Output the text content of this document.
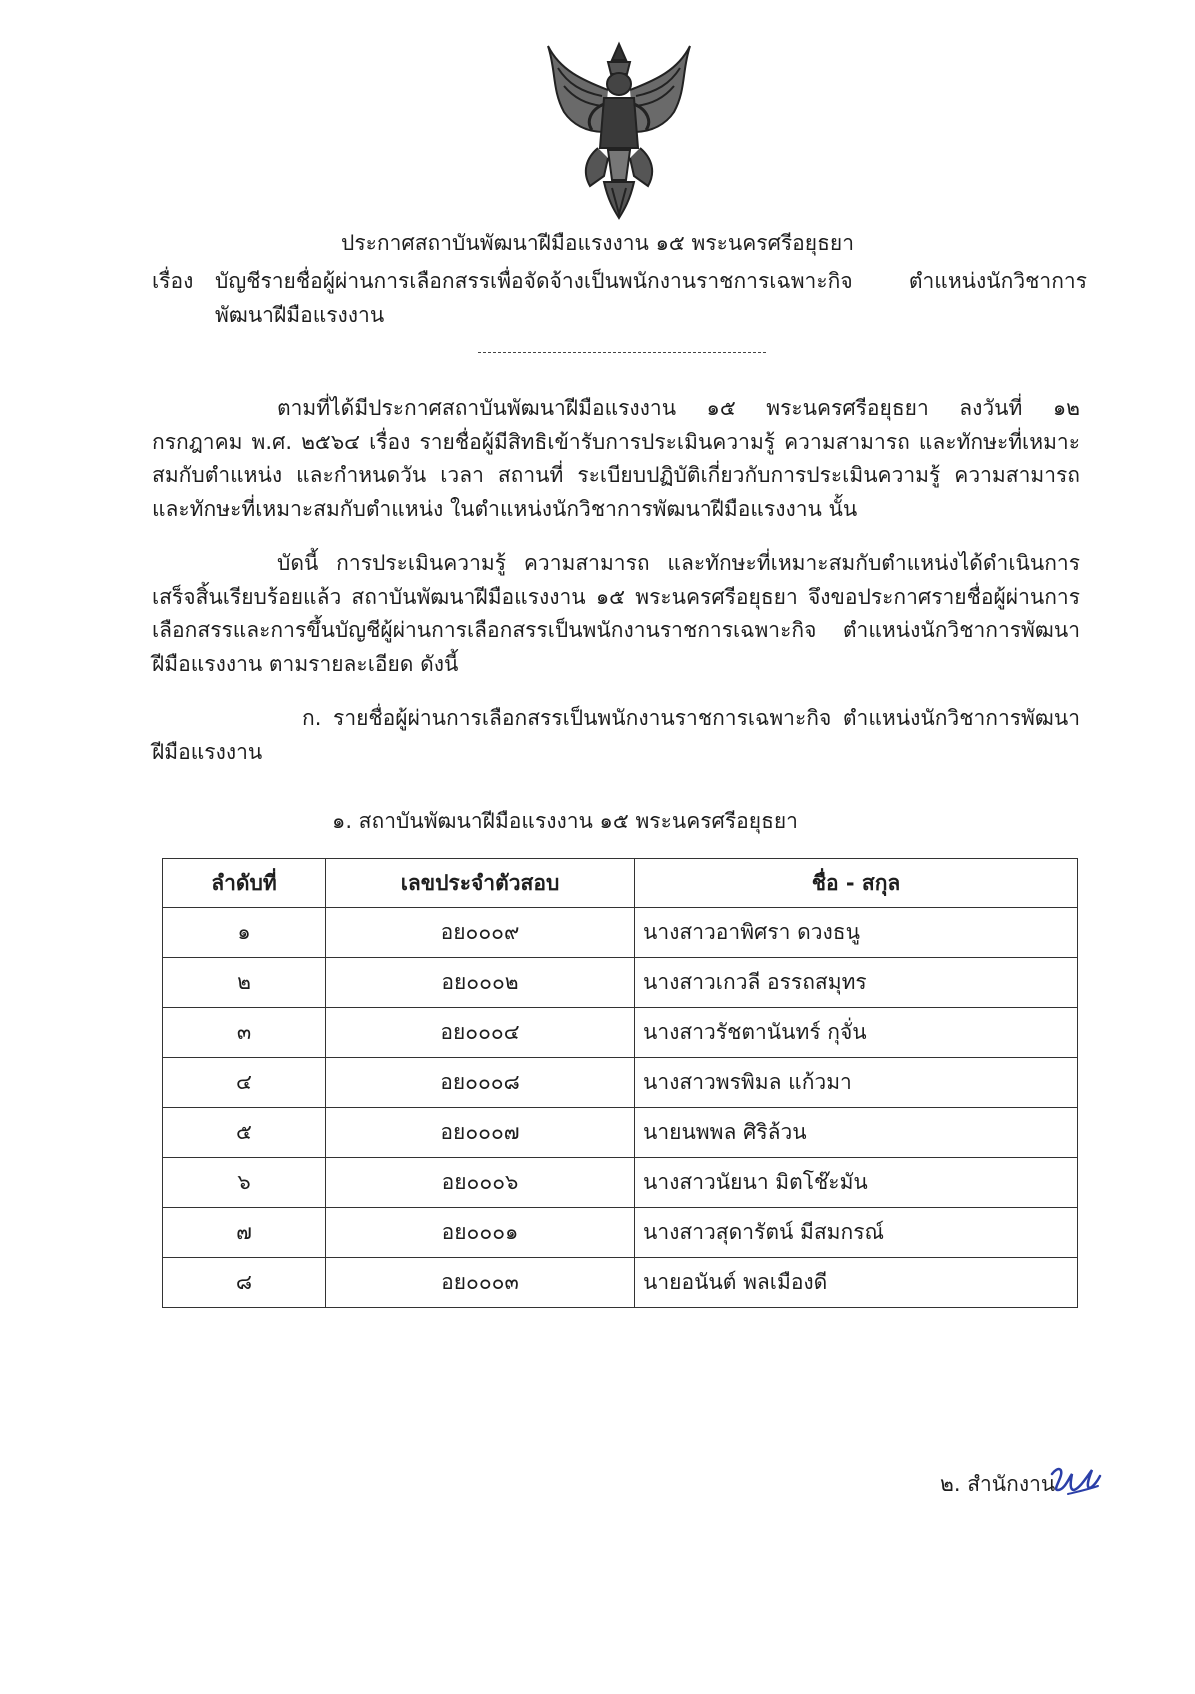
ประกาศสถาบันพัฒนาฝีมือแรงงาน ๑๕ พระนครศรีอยุธยา
เรื่อง บัญชีรายชื่อผู้ผ่านการเลือกสรรเพื่อจัดจ้างเป็นพนักงานราชการเฉพาะกิจ ตำแหน่งนักวิชาการพัฒนาฝีมือแรงงาน

ตามที่ได้มีประกาศสถาบันพัฒนาฝีมือแรงงาน ๑๕ พระนครศรีอยุธยา ลงวันที่ ๑๒ กรกฎาคม พ.ศ. ๒๕๖๔ เรื่อง รายชื่อผู้มีสิทธิเข้ารับการประเมินความรู้ ความสามารถ และทักษะที่เหมาะสมกับตำแหน่ง และกำหนดวัน เวลา สถานที่ ระเบียบปฏิบัติเกี่ยวกับการประเมินความรู้ ความสามารถ และทักษะที่เหมาะสมกับตำแหน่ง ในตำแหน่งนักวิชาการพัฒนาฝีมือแรงงาน นั้น

บัดนี้ การประเมินความรู้ ความสามารถ และทักษะที่เหมาะสมกับตำแหน่งได้ดำเนินการเสร็จสิ้นเรียบร้อยแล้ว สถาบันพัฒนาฝีมือแรงงาน ๑๕ พระนครศรีอยุธยา จึงขอประกาศรายชื่อผู้ผ่านการเลือกสรรและการขึ้นบัญชีผู้ผ่านการเลือกสรรเป็นพนักงานราชการเฉพาะกิจ ตำแหน่งนักวิชาการพัฒนาฝีมือแรงงาน ตามรายละเอียด ดังนี้

ก. รายชื่อผู้ผ่านการเลือกสรรเป็นพนักงานราชการเฉพาะกิจ ตำแหน่งนักวิชาการพัฒนาฝีมือแรงงาน

๑. สถาบันพัฒนาฝีมือแรงงาน ๑๕ พระนครศรีอยุธยา
ลำดับที่	เลขประจำตัวสอบ	ชื่อ - สกุล
๑	อย๐๐๐๙	นางสาวอาพิศรา ดวงธนู
๒	อย๐๐๐๒	นางสาวเกวลี อรรถสมุทร
๓	อย๐๐๐๔	นางสาวรัชตานันทร์ กุจั่น
๔	อย๐๐๐๘	นางสาวพรพิมล แก้วมา
๕	อย๐๐๐๗	นายนพพล ศิริล้วน
๖	อย๐๐๐๖	นางสาวนัยนา มิตโช๊ะมัน
๗	อย๐๐๐๑	นางสาวสุดารัตน์ มีสมกรณ์
๘	อย๐๐๐๓	นายอนันต์ พลเมืองดี
๒. สำนักงาน
